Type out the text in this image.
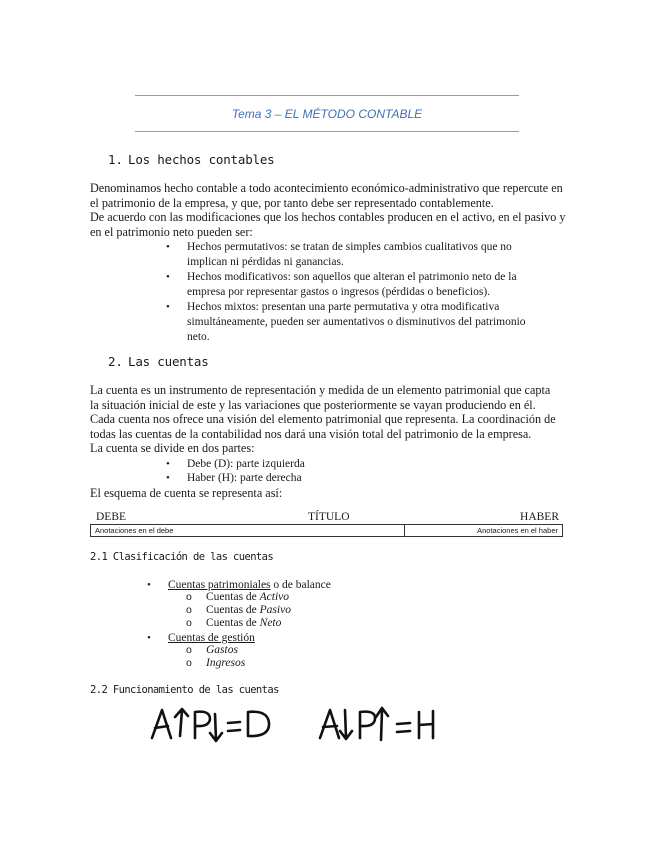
Tema 3 – EL MÉTODO CONTABLE
1. Los hechos contables
Denominamos hecho contable a todo acontecimiento económico-administrativo que repercute en
el patrimonio de la empresa, y que, por tanto debe ser representado contablemente.
De acuerdo con las modificaciones que los hechos contables producen en el activo, en el pasivo y
en el patrimonio neto pueden ser:
• Hechos permutativos: se tratan de simples cambios cualitativos que no
implican ni pérdidas ni ganancias.
• Hechos modificativos: son aquellos que alteran el patrimonio neto de la
empresa por representar gastos o ingresos (pérdidas o beneficios).
• Hechos mixtos: presentan una parte permutativa y otra modificativa
simultáneamente, pueden ser aumentativos o disminutivos del patrimonio
neto.
2. Las cuentas
La cuenta es un instrumento de representación y medida de un elemento patrimonial que capta
la situación inicial de este y las variaciones que posteriormente se vayan produciendo en él.
Cada cuenta nos ofrece una visión del elemento patrimonial que representa. La coordinación de
todas las cuentas de la contabilidad nos dará una visión total del patrimonio de la empresa.
La cuenta se divide en dos partes:
• Debe (D): parte izquierda
• Haber (H): parte derecha
El esquema de cuenta se representa así:
DEBE	TÍTULO	HABER
Anotaciones en el debe	Anotaciones en el haber
2.1 Clasificación de las cuentas
• Cuentas patrimoniales o de balance
o Cuentas de Activo
o Cuentas de Pasivo
o Cuentas de Neto
• Cuentas de gestión
o Gastos
o Ingresos
2.2 Funcionamiento de las cuentas
